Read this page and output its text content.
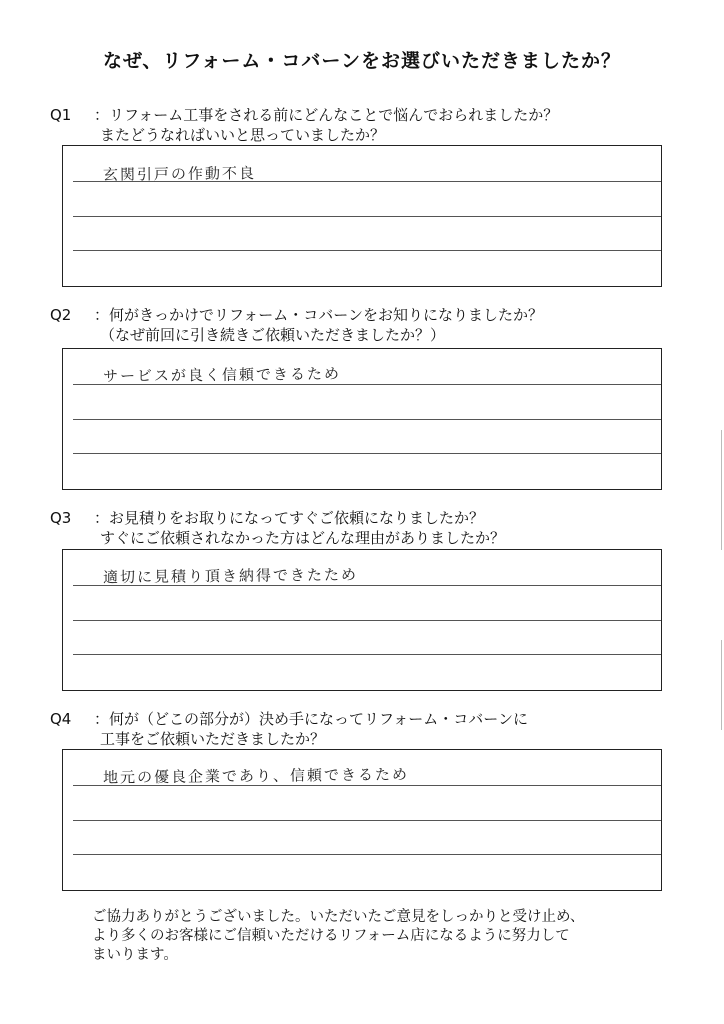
なぜ、リフォーム・コバーンをお選びいただきましたか？
Q1 ：リフォーム工事をされる前にどんなことで悩んでおられましたか？
またどうなればいいと思っていましたか？
玄関引戸の作動不良
Q2 ：何がきっかけでリフォーム・コバーンをお知りになりましたか？
（なぜ前回に引き続きご依頼いただきましたか？）
サービスが良く信頼できるため
Q3 ：お見積りをお取りになってすぐご依頼になりましたか？
すぐにご依頼されなかった方はどんな理由がありましたか？
適切に見積り頂き納得できたため
Q4 ：何が（どこの部分が）決め手になってリフォーム・コバーンに
工事をご依頼いただきましたか？
地元の優良企業であり、信頼できるため
ご協力ありがとうございました。いただいたご意見をしっかりと受け止め、
より多くのお客様にご信頼いただけるリフォーム店になるように努力して
まいります。
